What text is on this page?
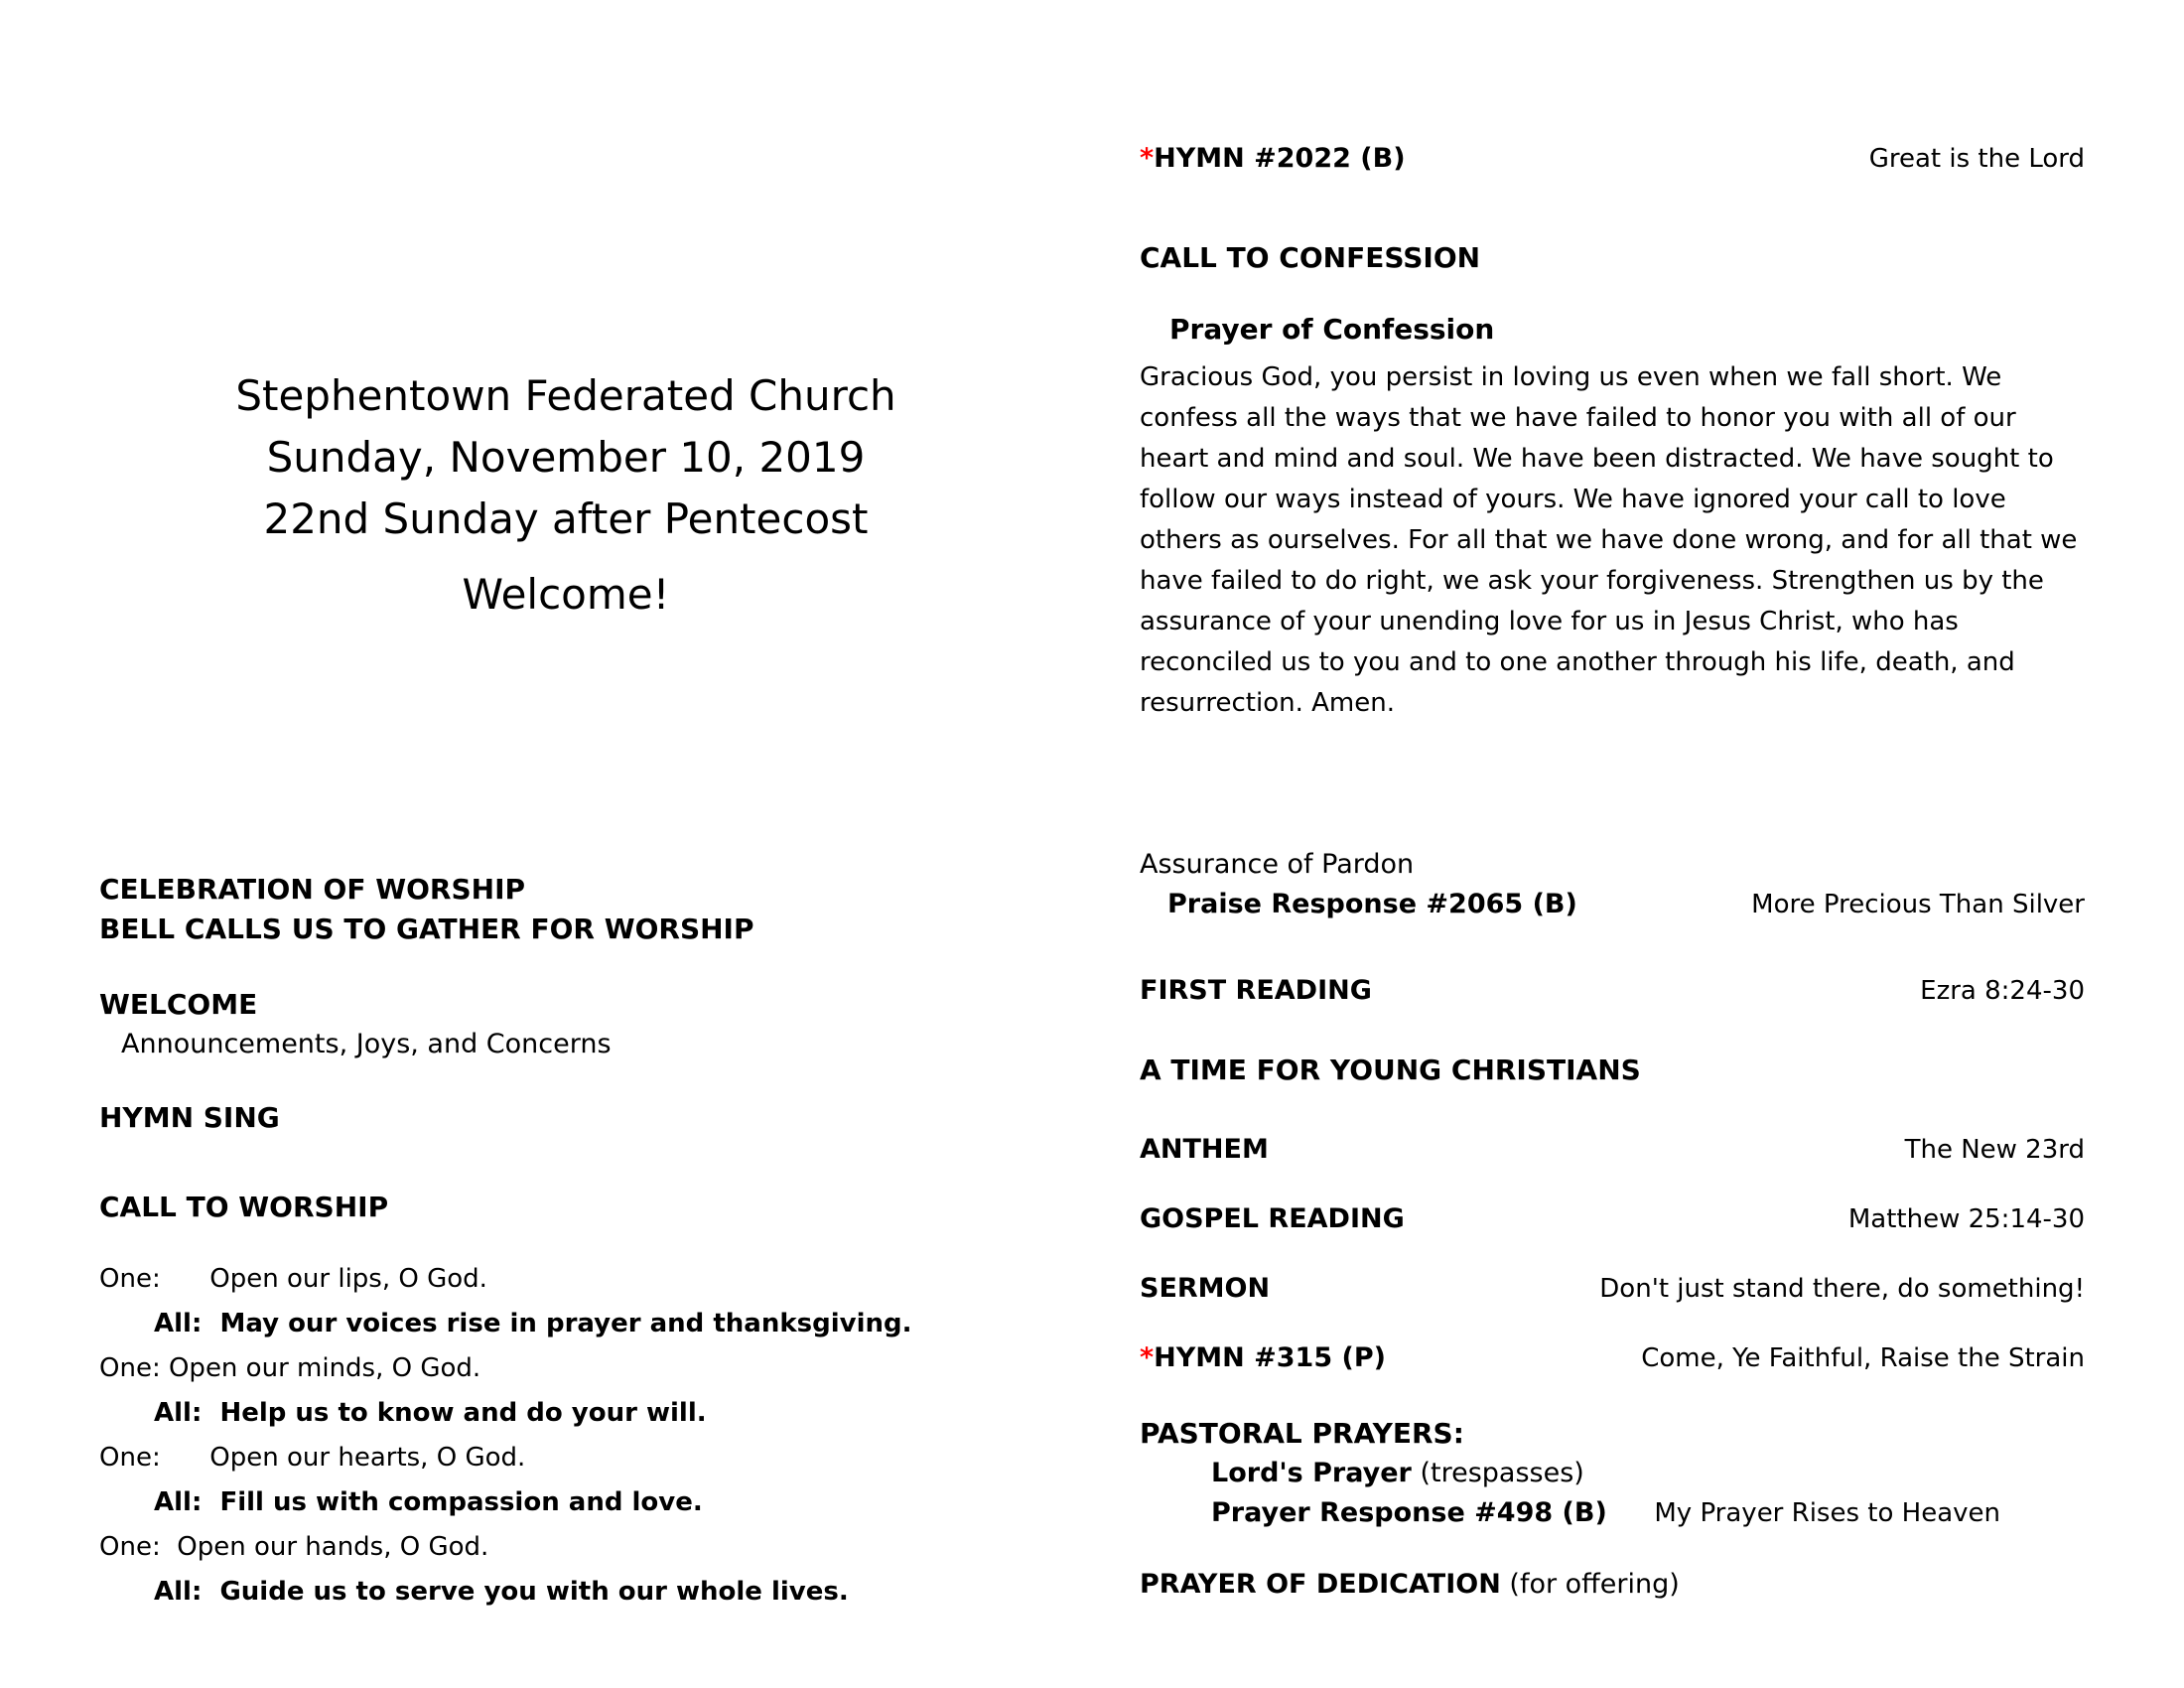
Stephentown Federated Church
Sunday, November 10, 2019
22nd Sunday after Pentecost
Welcome!
CELEBRATION OF WORSHIP
BELL CALLS US TO GATHER FOR WORSHIP
WELCOME
Announcements, Joys, and Concerns
HYMN SING
CALL TO WORSHIP
One: Open our lips, O God.
All: May our voices rise in prayer and thanksgiving.
One: Open our minds, O God.
All: Help us to know and do your will.
One: Open our hearts, O God.
All: Fill us with compassion and love.
One: Open our hands, O God.
All: Guide us to serve you with our whole lives.
*HYMN #2022 (B)	Great is the Lord
CALL TO CONFESSION
Prayer of Confession
Gracious God, you persist in loving us even when we fall short. We confess all the ways that we have failed to honor you with all of our heart and mind and soul. We have been distracted. We have sought to follow our ways instead of yours. We have ignored your call to love others as ourselves. For all that we have done wrong, and for all that we have failed to do right, we ask your forgiveness. Strengthen us by the assurance of your unending love for us in Jesus Christ, who has reconciled us to you and to one another through his life, death, and resurrection. Amen.
Assurance of Pardon
Praise Response #2065 (B)	More Precious Than Silver
FIRST READING	Ezra 8:24-30
A TIME FOR YOUNG CHRISTIANS
ANTHEM	The New 23rd
GOSPEL READING	Matthew 25:14-30
SERMON	Don't just stand there, do something!
*HYMN #315 (P)	Come, Ye Faithful, Raise the Strain
PASTORAL PRAYERS:
Lord's Prayer (trespasses)
Prayer Response #498 (B) My Prayer Rises to Heaven
PRAYER OF DEDICATION (for offering)
